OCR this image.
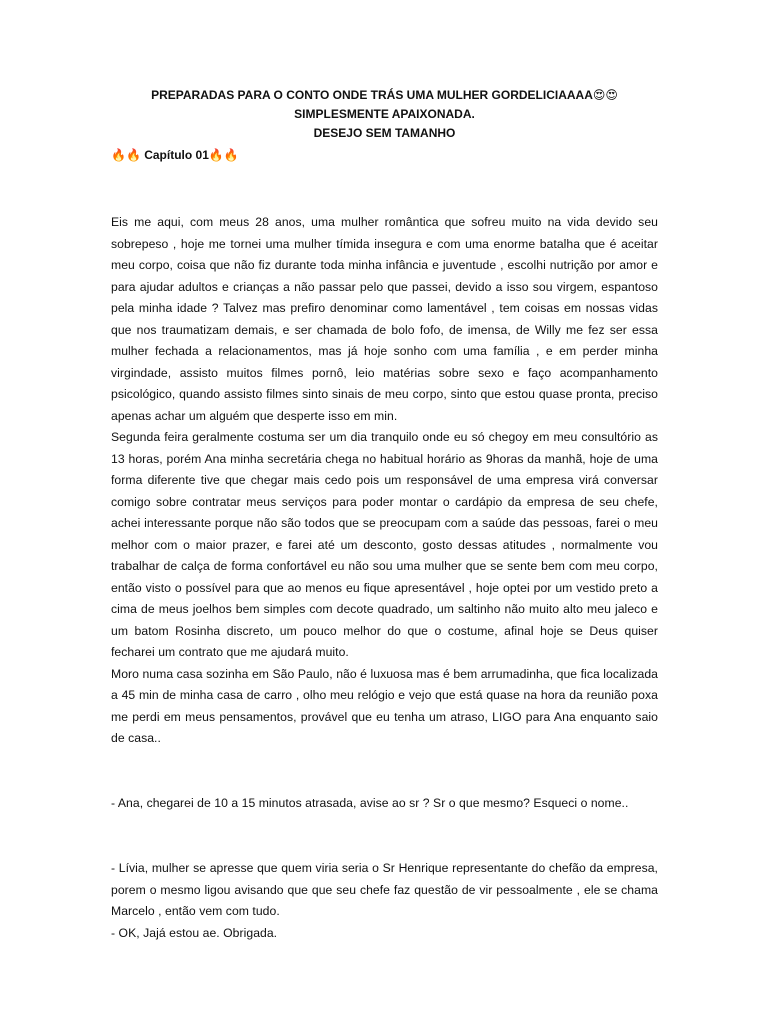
PREPARADAS PARA O CONTO ONDE TRÁS UMA MULHER GORDELICIAAAA😍😍

SIMPLESMENTE APAIXONADA.

DESEJO SEM TAMANHO

🔥🔥 Capítulo 01🔥🔥

Eis me aqui, com meus 28 anos, uma mulher romântica que sofreu muito na vida devido seu sobrepeso , hoje me tornei uma mulher tímida insegura e com uma enorme batalha que é aceitar meu corpo, coisa que não fiz durante toda minha infância e juventude , escolhi nutrição por amor e para ajudar adultos e crianças a não passar pelo que passei, devido a isso sou virgem, espantoso pela minha idade ? Talvez mas prefiro denominar como lamentável , tem coisas em nossas vidas que nos traumatizam demais, e ser chamada de bolo fofo, de imensa, de Willy me fez ser essa mulher fechada a relacionamentos, mas já hoje sonho com uma família , e em perder minha virgindade, assisto muitos filmes pornô, leio matérias sobre sexo e faço acompanhamento psicológico, quando assisto filmes sinto sinais de meu corpo, sinto que estou quase pronta, preciso apenas achar um alguém que desperte isso em min.

Segunda feira geralmente costuma ser um dia tranquilo onde eu só chegoy em meu consultório as 13 horas, porém Ana minha secretária chega no habitual horário as 9horas da manhã, hoje de uma forma diferente tive que chegar mais cedo pois um responsável de uma empresa virá conversar comigo sobre contratar meus serviços para poder montar o cardápio da empresa de seu chefe, achei interessante porque não são todos que se preocupam com a saúde das pessoas, farei o meu melhor com o maior prazer, e farei até um desconto, gosto dessas atitudes , normalmente vou trabalhar de calça de forma confortável eu não sou uma mulher que se sente bem com meu corpo, então visto o possível para que ao menos eu fique apresentável , hoje optei por um vestido preto a cima de meus joelhos bem simples com decote quadrado, um saltinho não muito alto meu jaleco e um batom Rosinha discreto, um pouco melhor do que o costume, afinal hoje se Deus quiser fecharei um contrato que me ajudará muito.

Moro numa casa sozinha em São Paulo, não é luxuosa mas é bem arrumadinha, que fica localizada a 45 min de minha casa de carro , olho meu relógio e vejo que está quase na hora da reunião poxa me perdi em meus pensamentos, provável que eu tenha um atraso, LIGO para Ana enquanto saio de casa..

- Ana, chegarei de 10 a 15 minutos atrasada, avise ao sr ? Sr o que mesmo? Esqueci o nome..

- Lívia, mulher se apresse que quem viria seria o Sr Henrique representante do chefão da empresa, porem o mesmo ligou avisando que que seu chefe faz questão de vir pessoalmente , ele se chama Marcelo , então vem com tudo.

- OK, Jajá estou ae. Obrigada.
